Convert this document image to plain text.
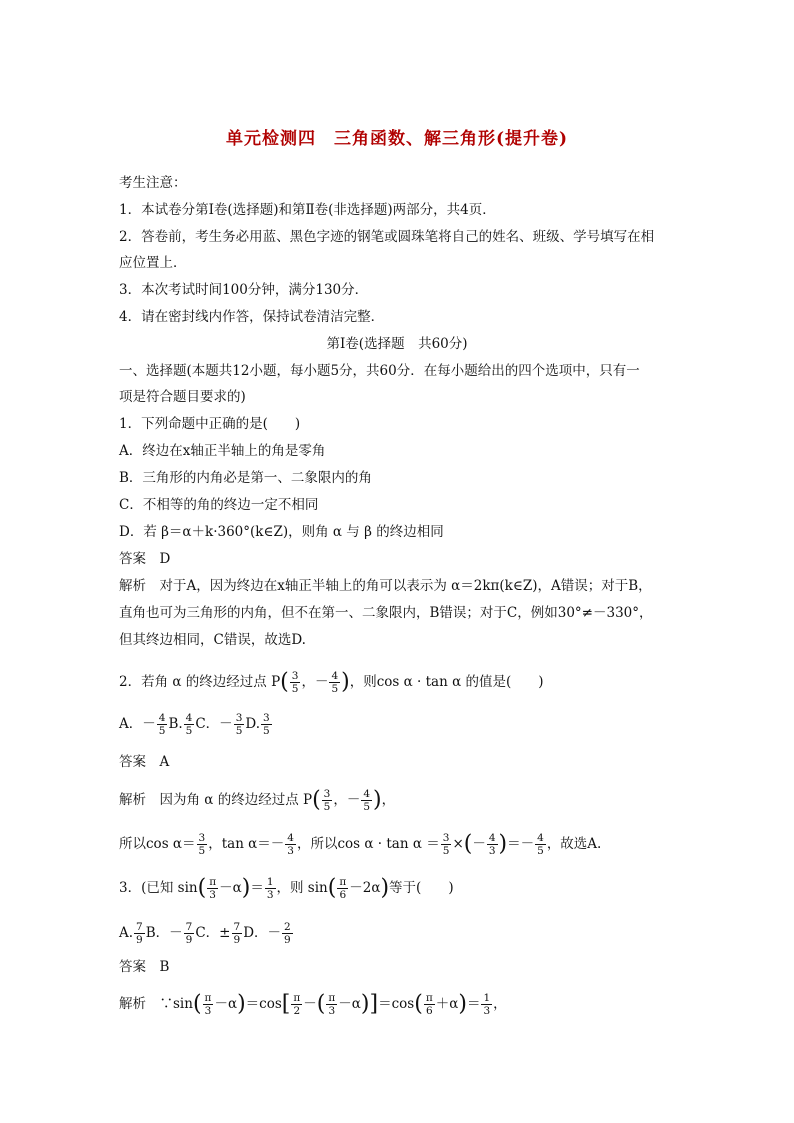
单元检测四　三角函数、解三角形(提升卷)
考生注意：
1．本试卷分第Ⅰ卷(选择题)和第Ⅱ卷(非选择题)两部分，共4页．
2．答卷前，考生务必用蓝、黑色字迹的钢笔或圆珠笔将自己的姓名、班级、学号填写在相
应位置上．
3．本次考试时间100分钟，满分130分．
4．请在密封线内作答，保持试卷清洁完整．
第Ⅰ卷(选择题　共60分)
一、选择题(本题共12小题，每小题5分，共60分．在每小题给出的四个选项中，只有一
项是符合题目要求的)
1．下列命题中正确的是(　　)
A．终边在x轴正半轴上的角是零角
B．三角形的内角必是第一、二象限内的角
C．不相等的角的终边一定不相同
D．若 β＝α＋k·360°(k∈Z)，则角 α 与 β 的终边相同
答案　D
解析　对于A，因为终边在x轴正半轴上的角可以表示为 α＝2kπ(k∈Z)，A错误；对于B，
直角也可为三角形的内角，但不在第一、二象限内，B错误；对于C，例如30°≠－330°，
但其终边相同，C错误，故选D.
2．若角 α 的终边经过点 $P( \frac{3}{5}$ ，－ $\frac{4}{5}$ )，则cos α · tan α 的值是(　　)
A．－ $\frac{4}{5} B$. $\frac{4}{5}$ C．－ $\frac{3}{5} D$. $\frac{3}{5}$
答案　A
解析　因为角 α 的终边经过点 $P( \frac{3}{5}$ ，－ $\frac{4}{5}$ )，
所以$\cos \alpha= \frac{3}{5}$ ，$\tan \alpha=- \frac{4}{3}$ ，所以$\cos \alpha \cdot \tan \alpha = \frac{3}{5}$ ×(－ $\frac{4}{3}$ )＝－ $\frac{4}{5}$ ，故选A.
3．(已知 $\sin( \frac{\pi}{3} -\alpha)= \frac{1}{3}$ ，则 $\sin( \frac{\pi}{6} -2\alpha)$等于(　　)
A. $\frac{7}{9}$ B．－ $\frac{7}{9}$ C．± $\frac{7}{9}$ D．－ $\frac{2}{9}$
答案　B
解析　∵sin( $\frac{\pi}{3} -\alpha)=\cos[ \frac{\pi}{2}$ －( $\frac{\pi}{3} -\alpha)]=\cos( \frac{\pi}{6} +\alpha)= \frac{1}{3}$ ，
